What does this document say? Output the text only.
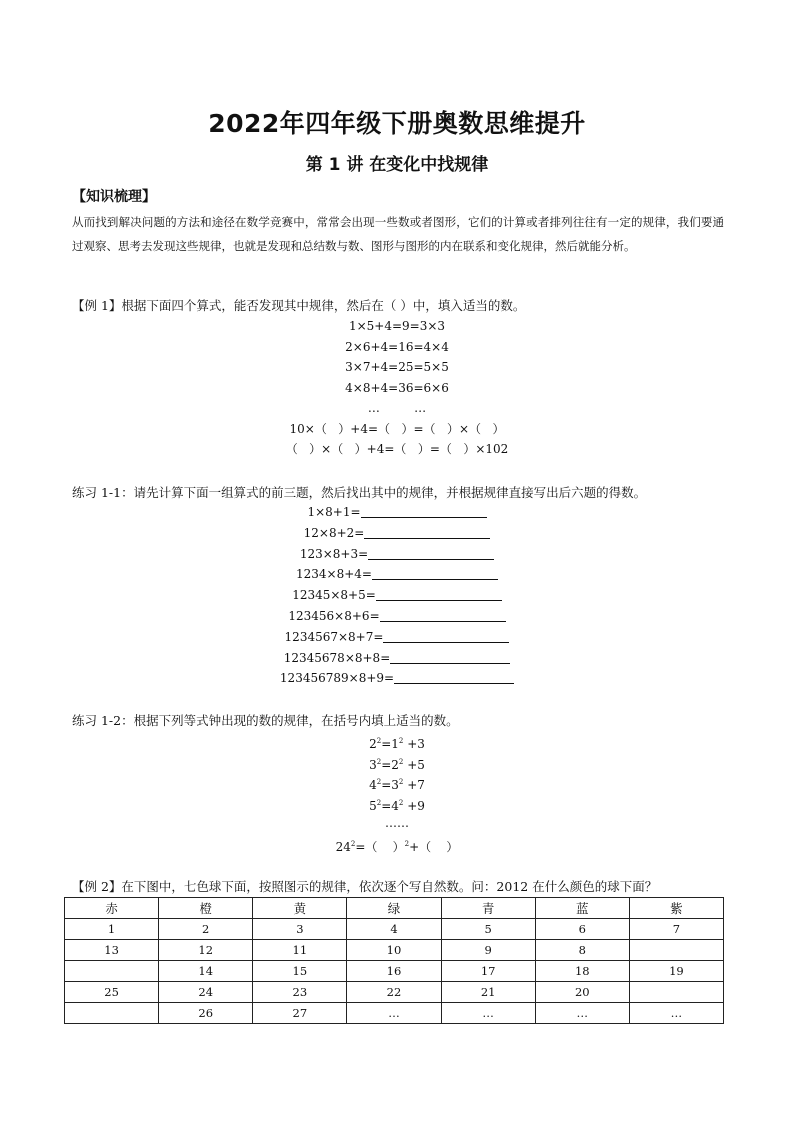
2022年四年级下册奥数思维提升
第 1 讲 在变化中找规律
【知识梳理】
从而找到解决问题的方法和途径在数学竞赛中，常常会出现一些数或者图形，它们的计算或者排列往往有一定的规律，我们要通过观察、思考去发现这些规律，也就是发现和总结数与数、图形与图形的内在联系和变化规律，然后就能分析。
【例 1】根据下面四个算式，能否发现其中规律，然后在（ ）中，填入适当的数。
1×5+4=9=3×3
2×6+4=16=4×4
3×7+4=25=5×5
4×8+4=36=6×6
…         …
10×（   ）+4=（   ）=（   ）×（   ）
（   ）×（   ）+4=（   ）=（   ）×102
练习 1-1：请先计算下面一组算式的前三题，然后找出其中的规律，并根据规律直接写出后六题的得数。
1×8+1=
12×8+2=
123×8+3=
1234×8+4=
12345×8+5=
123456×8+6=
1234567×8+7=
12345678×8+8=
123456789×8+9=
练习 1-2：根据下列等式钟出现的数的规律，在括号内填上适当的数。
$2^2=1^2 +3$
$3^2=2^2 +5$
$4^2=3^2 +7$
$5^2=4^2 +9$
……
$24^2=$（    ）$^2$+（    ）
【例 2】在下图中，七色球下面，按照图示的规律，依次逐个写自然数。问：2012 在什么颜色的球下面？
赤	橙	黄	绿	青	蓝	紫
1	2	3	4	5	6	7
13	12	11	10	9	8	
	14	15	16	17	18	19
25	24	23	22	21	20	
	26	27	…	…	…	…
